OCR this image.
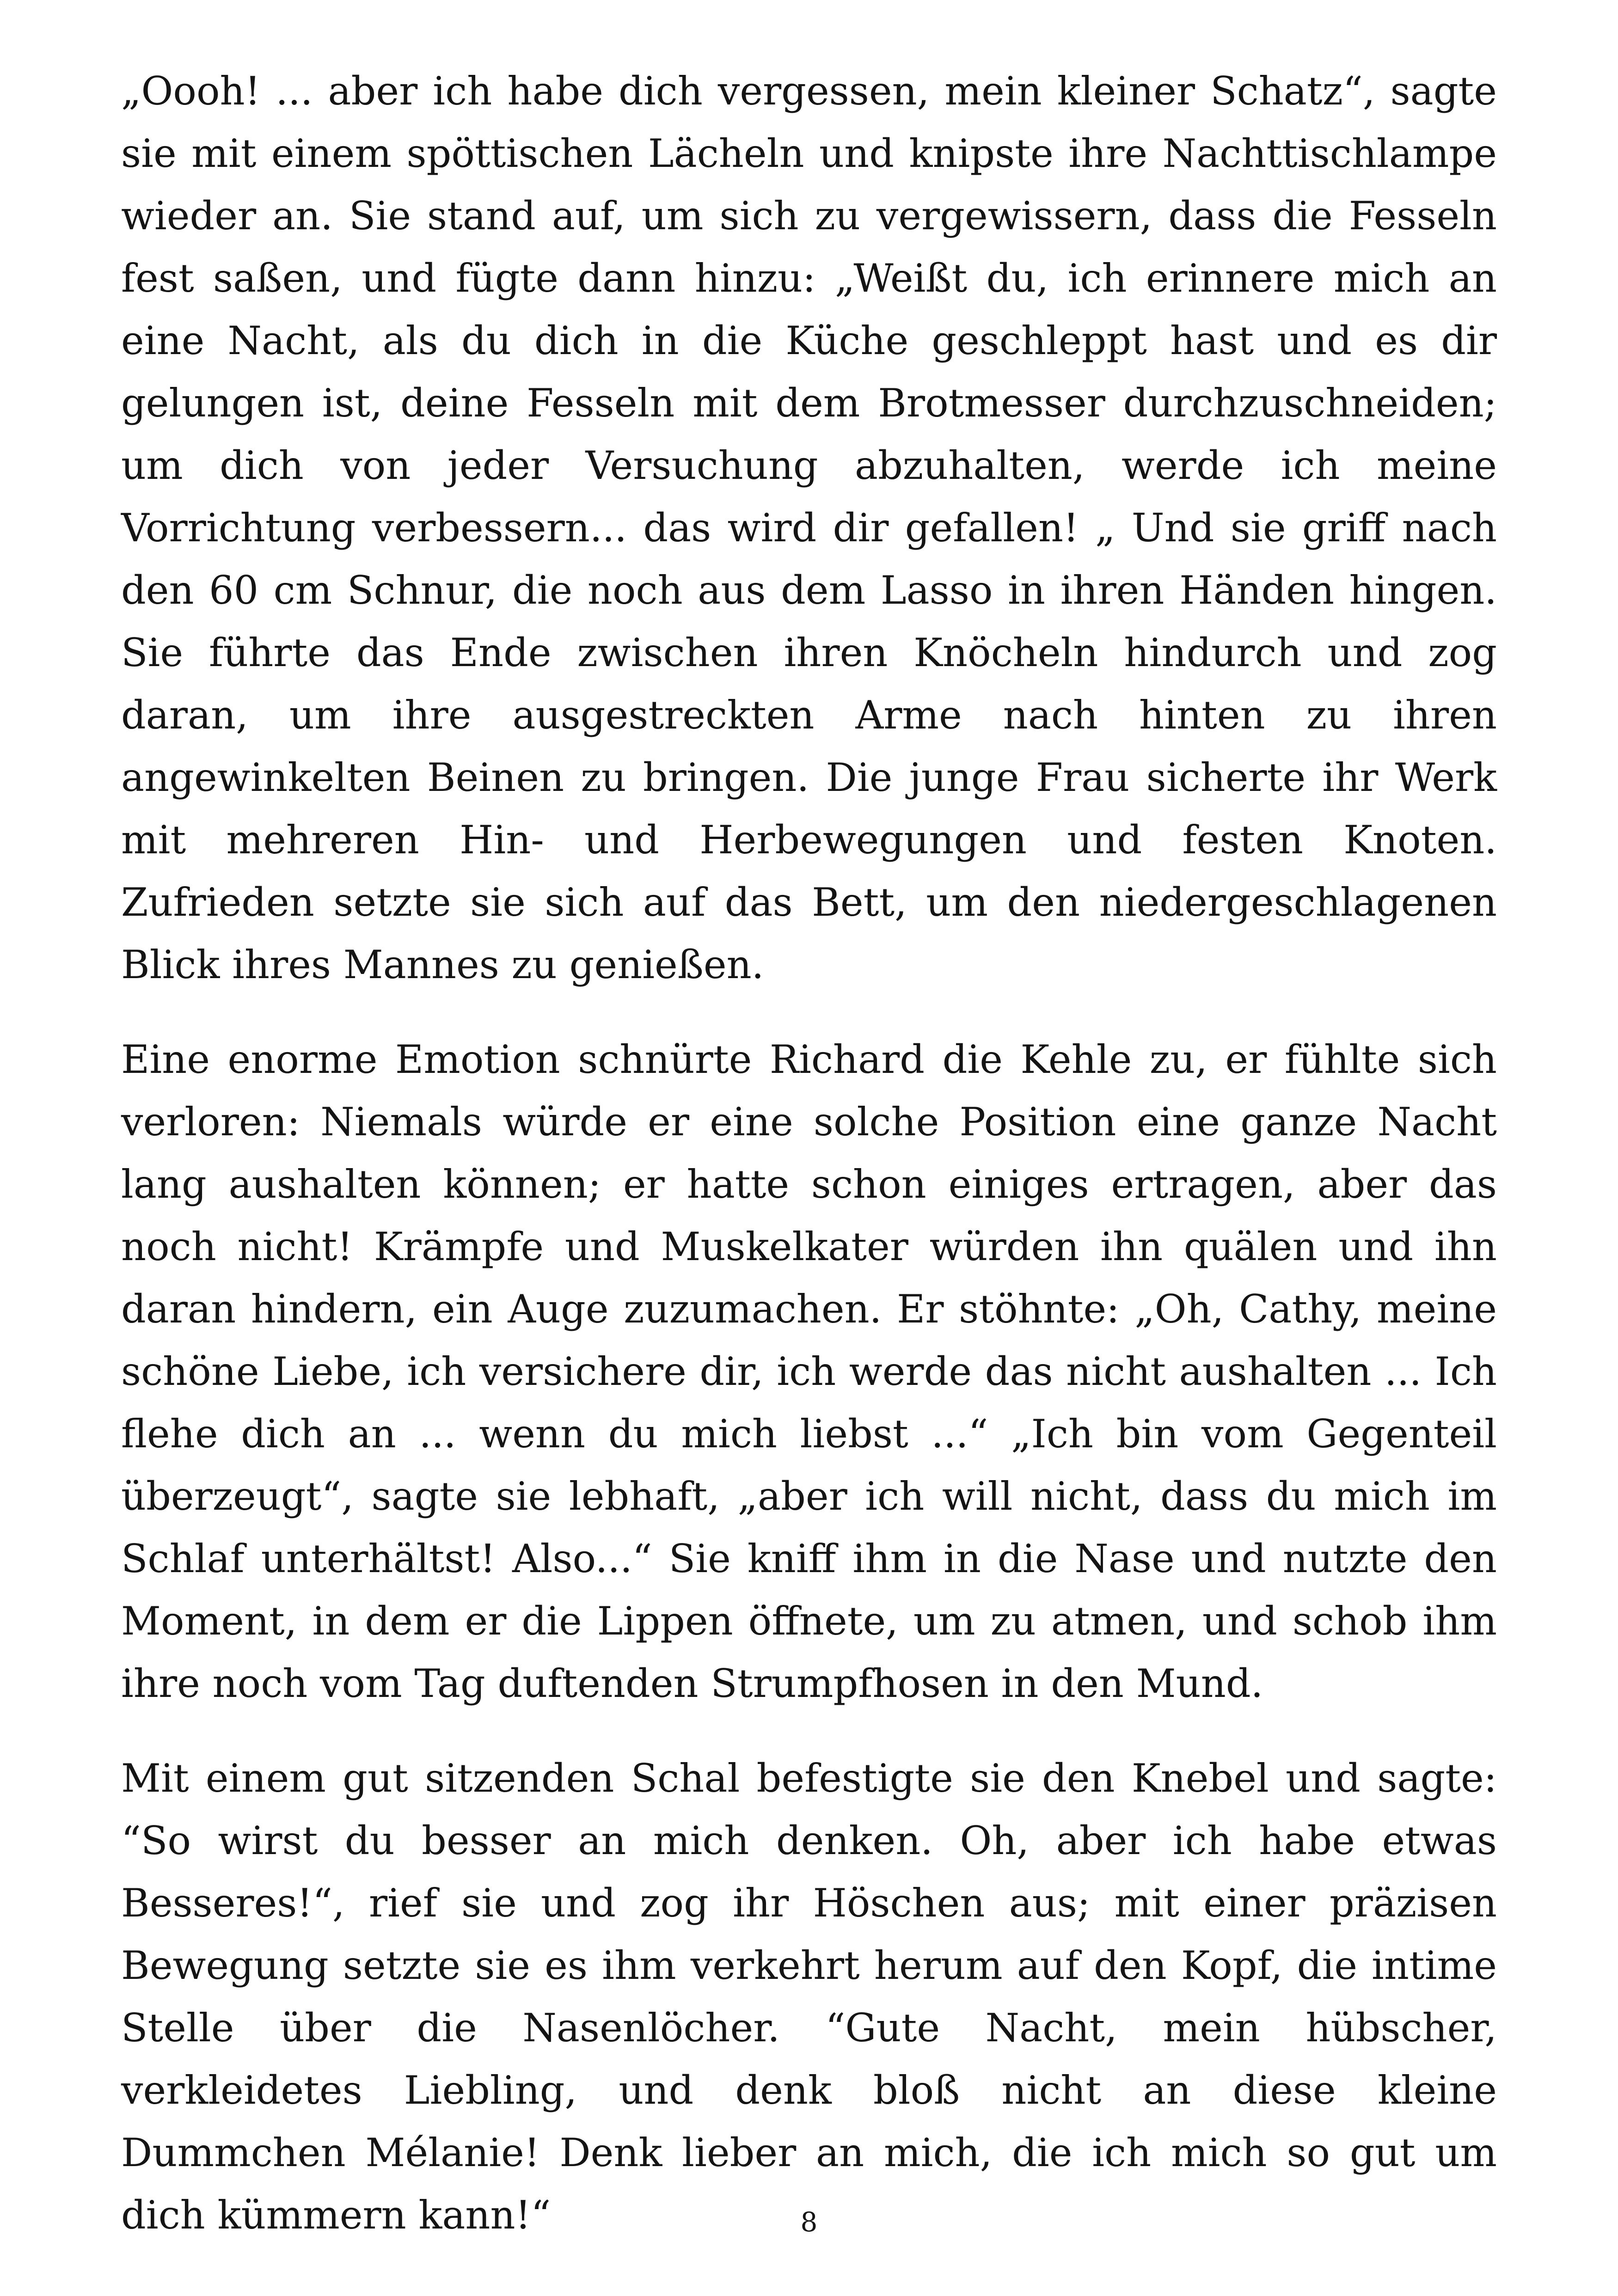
„Oooh! ... aber ich habe dich vergessen, mein kleiner Schatz“, sagte sie mit einem spöttischen Lächeln und knipste ihre Nachttischlampe wieder an. Sie stand auf, um sich zu vergewissern, dass die Fesseln fest saßen, und fügte dann hinzu: „Weißt du, ich erinnere mich an eine Nacht, als du dich in die Küche geschleppt hast und es dir gelungen ist, deine Fesseln mit dem Brotmesser durchzuschneiden; um dich von jeder Versuchung abzuhalten, werde ich meine Vorrichtung verbessern... das wird dir gefallen! „ Und sie griff nach den 60 cm Schnur, die noch aus dem Lasso in ihren Händen hingen. Sie führte das Ende zwischen ihren Knöcheln hindurch und zog daran, um ihre ausgestreckten Arme nach hinten zu ihren angewinkelten Beinen zu bringen. Die junge Frau sicherte ihr Werk mit mehreren Hin- und Herbewegungen und festen Knoten. Zufrieden setzte sie sich auf das Bett, um den niedergeschlagenen Blick ihres Mannes zu genießen.

Eine enorme Emotion schnürte Richard die Kehle zu, er fühlte sich verloren: Niemals würde er eine solche Position eine ganze Nacht lang aushalten können; er hatte schon einiges ertragen, aber das noch nicht! Krämpfe und Muskelkater würden ihn quälen und ihn daran hindern, ein Auge zuzumachen. Er stöhnte: „Oh, Cathy, meine schöne Liebe, ich versichere dir, ich werde das nicht aushalten ... Ich flehe dich an ... wenn du mich liebst ...“ „Ich bin vom Gegenteil überzeugt“, sagte sie lebhaft, „aber ich will nicht, dass du mich im Schlaf unterhältst! Also...“ Sie kniff ihm in die Nase und nutzte den Moment, in dem er die Lippen öffnete, um zu atmen, und schob ihm ihre noch vom Tag duftenden Strumpfhosen in den Mund.

Mit einem gut sitzenden Schal befestigte sie den Knebel und sagte: “So wirst du besser an mich denken. Oh, aber ich habe etwas Besseres!“, rief sie und zog ihr Höschen aus; mit einer präzisen Bewegung setzte sie es ihm verkehrt herum auf den Kopf, die intime Stelle über die Nasenlöcher. “Gute Nacht, mein hübscher, verkleidetes Liebling, und denk bloß nicht an diese kleine Dummchen Mélanie! Denk lieber an mich, die ich mich so gut um dich kümmern kann!“	8
